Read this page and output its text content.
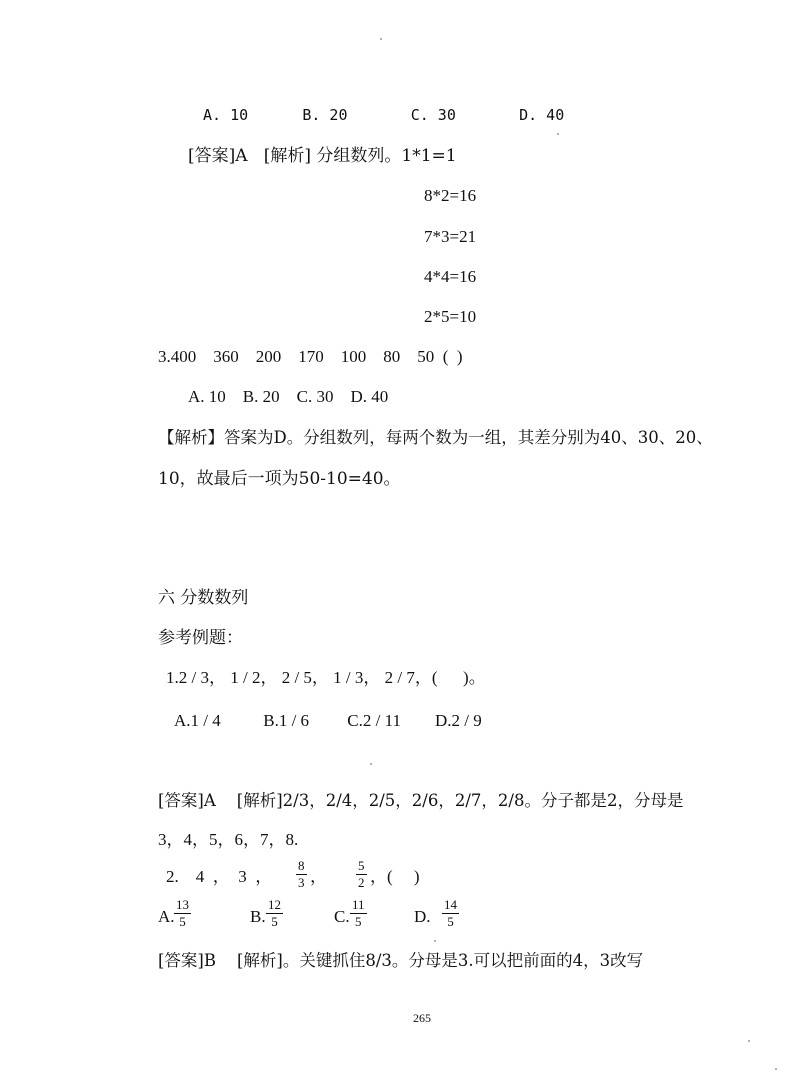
A. 10      B. 20       C. 30       D. 40
[答案]A   [解析] 分组数列。1*1=1
8*2=16
7*3=21
4*4=16
2*5=10
3.400    360    200    170    100    80    50  (  )
A. 10    B. 20    C. 30    D. 40
【解析】答案为D。分组数列，每两个数为一组，其差分别为40、30、20、
10，故最后一项为50-10=40。
六 分数数列
参考例题：
1.2 / 3， 1 / 2， 2 / 5， 1 / 3， 2 / 7，(      )。
A.1 / 4          B.1 / 6         C.2 / 11        D.2 / 9
[答案]A    [解析]2/3，2/4，2/5，2/6，2/7，2/8。分子都是2，分母是
3，4，5，6，7，8.
2.    4  ，  3  ， $\frac{8}{3}$ ， $\frac{5}{2}$ ，(     )
A. $\frac{13}{5}$	B. $\frac{12}{5}$	C. $\frac{11}{5}$	D. $\frac{14}{5}$
[答案]B    [解析]。关键抓住8/3。分母是3.可以把前面的4，3改写
265
